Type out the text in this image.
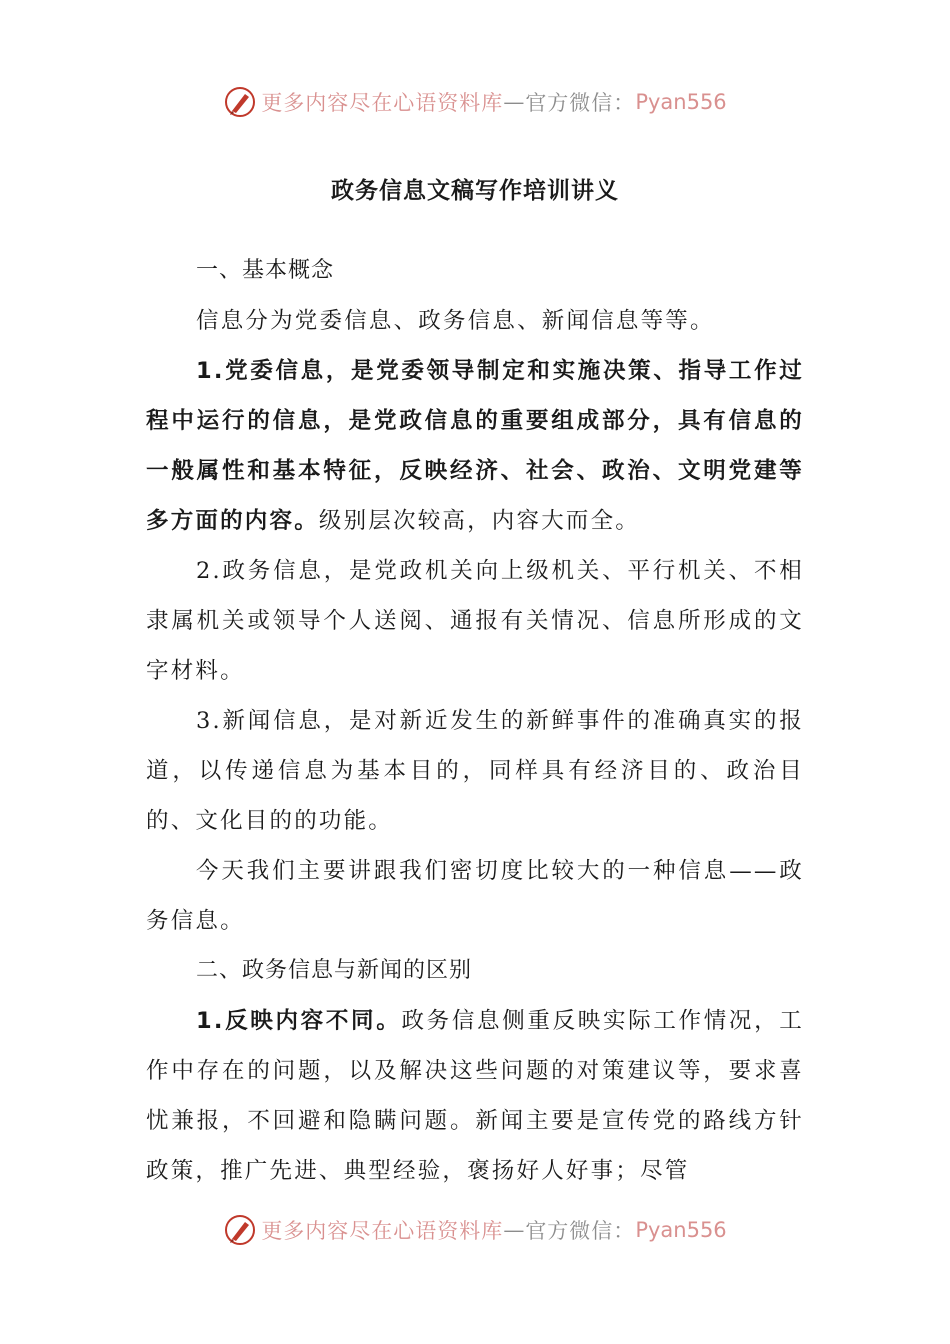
更多内容尽在心语资料库 — 官方微信： Pyan556
政务信息文稿写作培训讲义

一、基本概念

信息分为党委信息、政务信息、新闻信息等等。

1.党委信息，是党委领导制定和实施决策、指导工作过程中运行的信息，是党政信息的重要组成部分，具有信息的一般属性和基本特征，反映经济、社会、政治、文明党建等多方面的内容。级别层次较高，内容大而全。

2.政务信息，是党政机关向上级机关、平行机关、不相隶属机关或领导个人送阅、通报有关情况、信息所形成的文字材料。

3.新闻信息，是对新近发生的新鲜事件的准确真实的报道，以传递信息为基本目的，同样具有经济目的、政治目的、文化目的的功能。

今天我们主要讲跟我们密切度比较大的一种信息——政务信息。

二、政务信息与新闻的区别

1.反映内容不同。政务信息侧重反映实际工作情况，工作中存在的问题，以及解决这些问题的对策建议等，要求喜忧兼报，不回避和隐瞒问题。新闻主要是宣传党的路线方针政策，推广先进、典型经验，褒扬好人好事；尽管

更多内容尽在心语资料库 — 官方微信： Pyan556
